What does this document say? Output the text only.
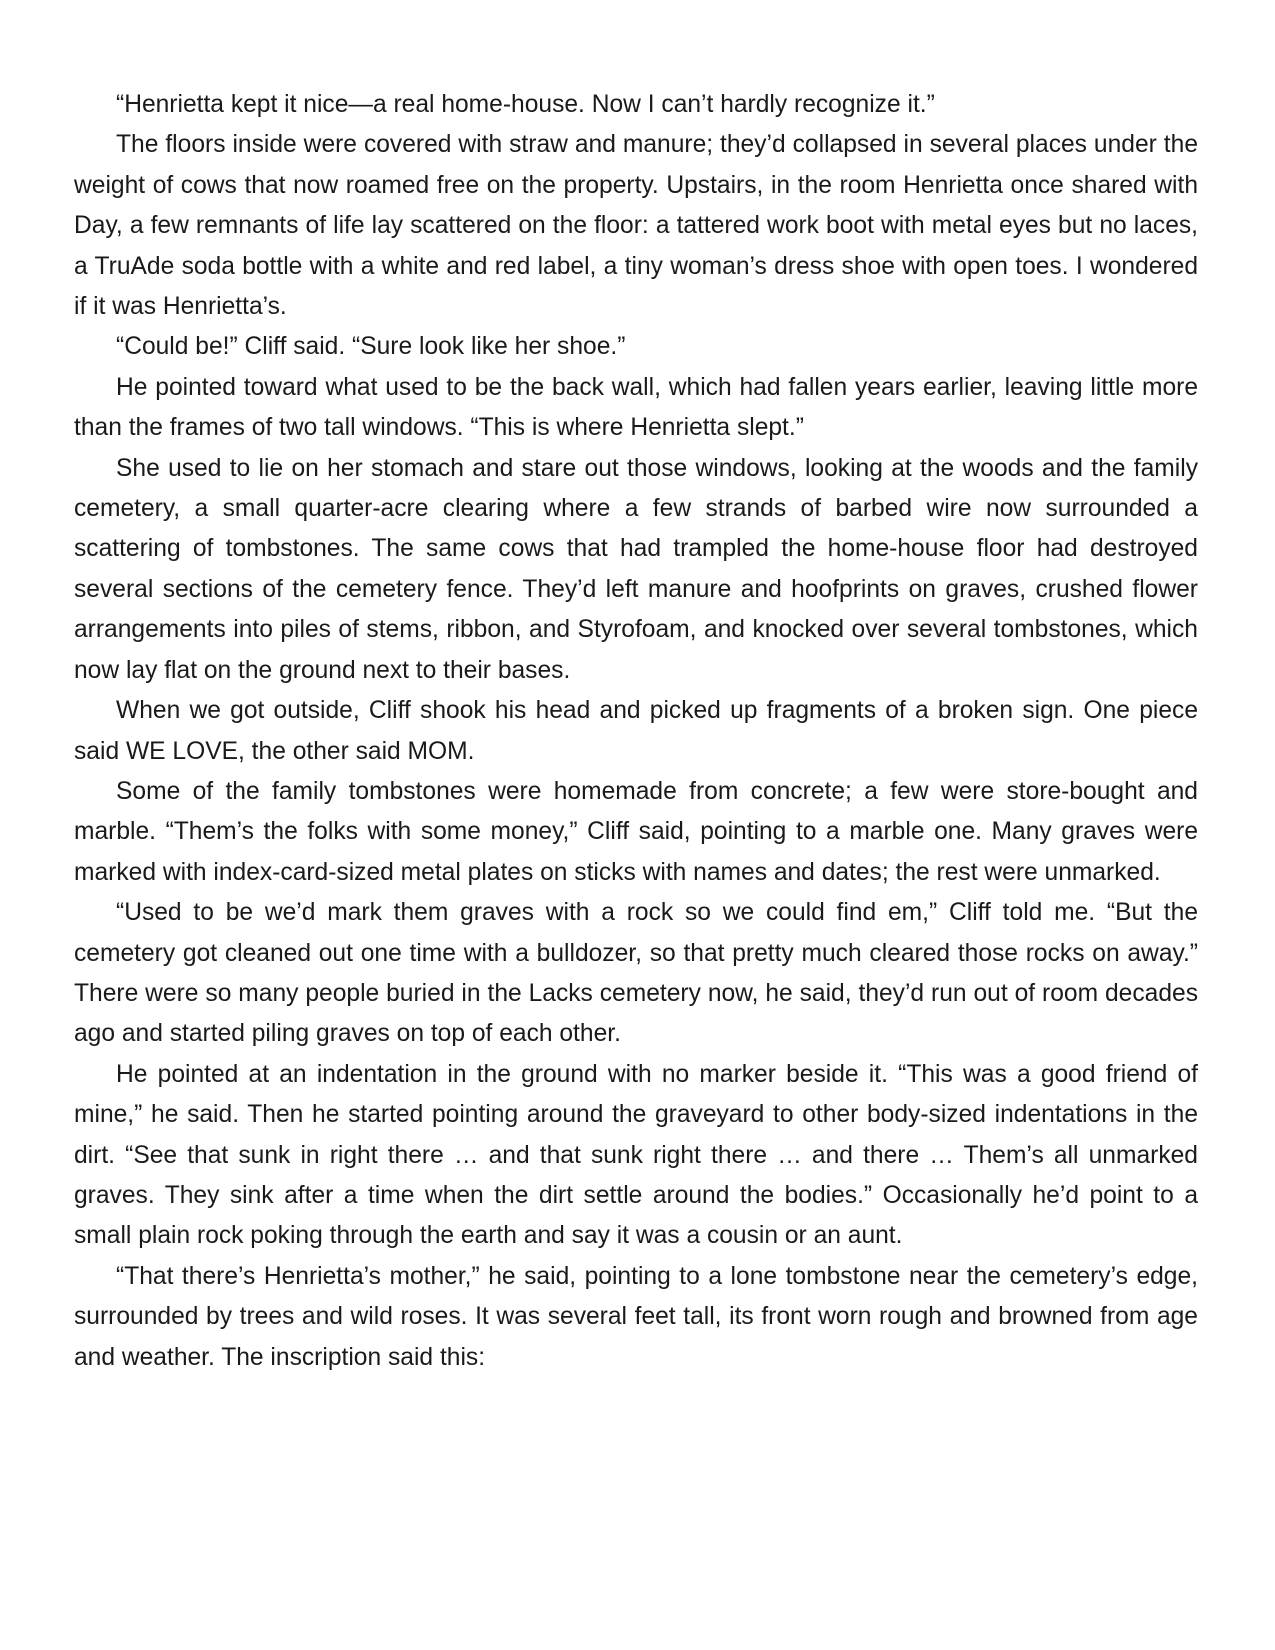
“Henrietta kept it nice—a real home-house. Now I can’t hardly recognize it.”

The floors inside were covered with straw and manure; they’d collapsed in several places under the weight of cows that now roamed free on the property. Upstairs, in the room Henrietta once shared with Day, a few remnants of life lay scattered on the floor: a tattered work boot with metal eyes but no laces, a TruAde soda bottle with a white and red label, a tiny woman’s dress shoe with open toes. I wondered if it was Henrietta’s.

“Could be!” Cliff said. “Sure look like her shoe.”

He pointed toward what used to be the back wall, which had fallen years earlier, leaving little more than the frames of two tall windows. “This is where Henrietta slept.”

She used to lie on her stomach and stare out those windows, looking at the woods and the family cemetery, a small quarter-acre clearing where a few strands of barbed wire now surrounded a scattering of tombstones. The same cows that had trampled the home-house floor had destroyed several sections of the cemetery fence. They’d left manure and hoofprints on graves, crushed flower arrangements into piles of stems, ribbon, and Styrofoam, and knocked over several tombstones, which now lay flat on the ground next to their bases.

When we got outside, Cliff shook his head and picked up fragments of a broken sign. One piece said WE LOVE, the other said MOM.

Some of the family tombstones were homemade from concrete; a few were store-bought and marble. “Them’s the folks with some money,” Cliff said, pointing to a marble one. Many graves were marked with index-card-sized metal plates on sticks with names and dates; the rest were unmarked.

“Used to be we’d mark them graves with a rock so we could find em,” Cliff told me. “But the cemetery got cleaned out one time with a bulldozer, so that pretty much cleared those rocks on away.” There were so many people buried in the Lacks cemetery now, he said, they’d run out of room decades ago and started piling graves on top of each other.

He pointed at an indentation in the ground with no marker beside it. “This was a good friend of mine,” he said. Then he started pointing around the graveyard to other body-sized indentations in the dirt. “See that sunk in right there … and that sunk right there … and there … Them’s all unmarked graves. They sink after a time when the dirt settle around the bodies.” Occasionally he’d point to a small plain rock poking through the earth and say it was a cousin or an aunt.

“That there’s Henrietta’s mother,” he said, pointing to a lone tombstone near the cemetery’s edge, surrounded by trees and wild roses. It was several feet tall, its front worn rough and browned from age and weather. The inscription said this:
